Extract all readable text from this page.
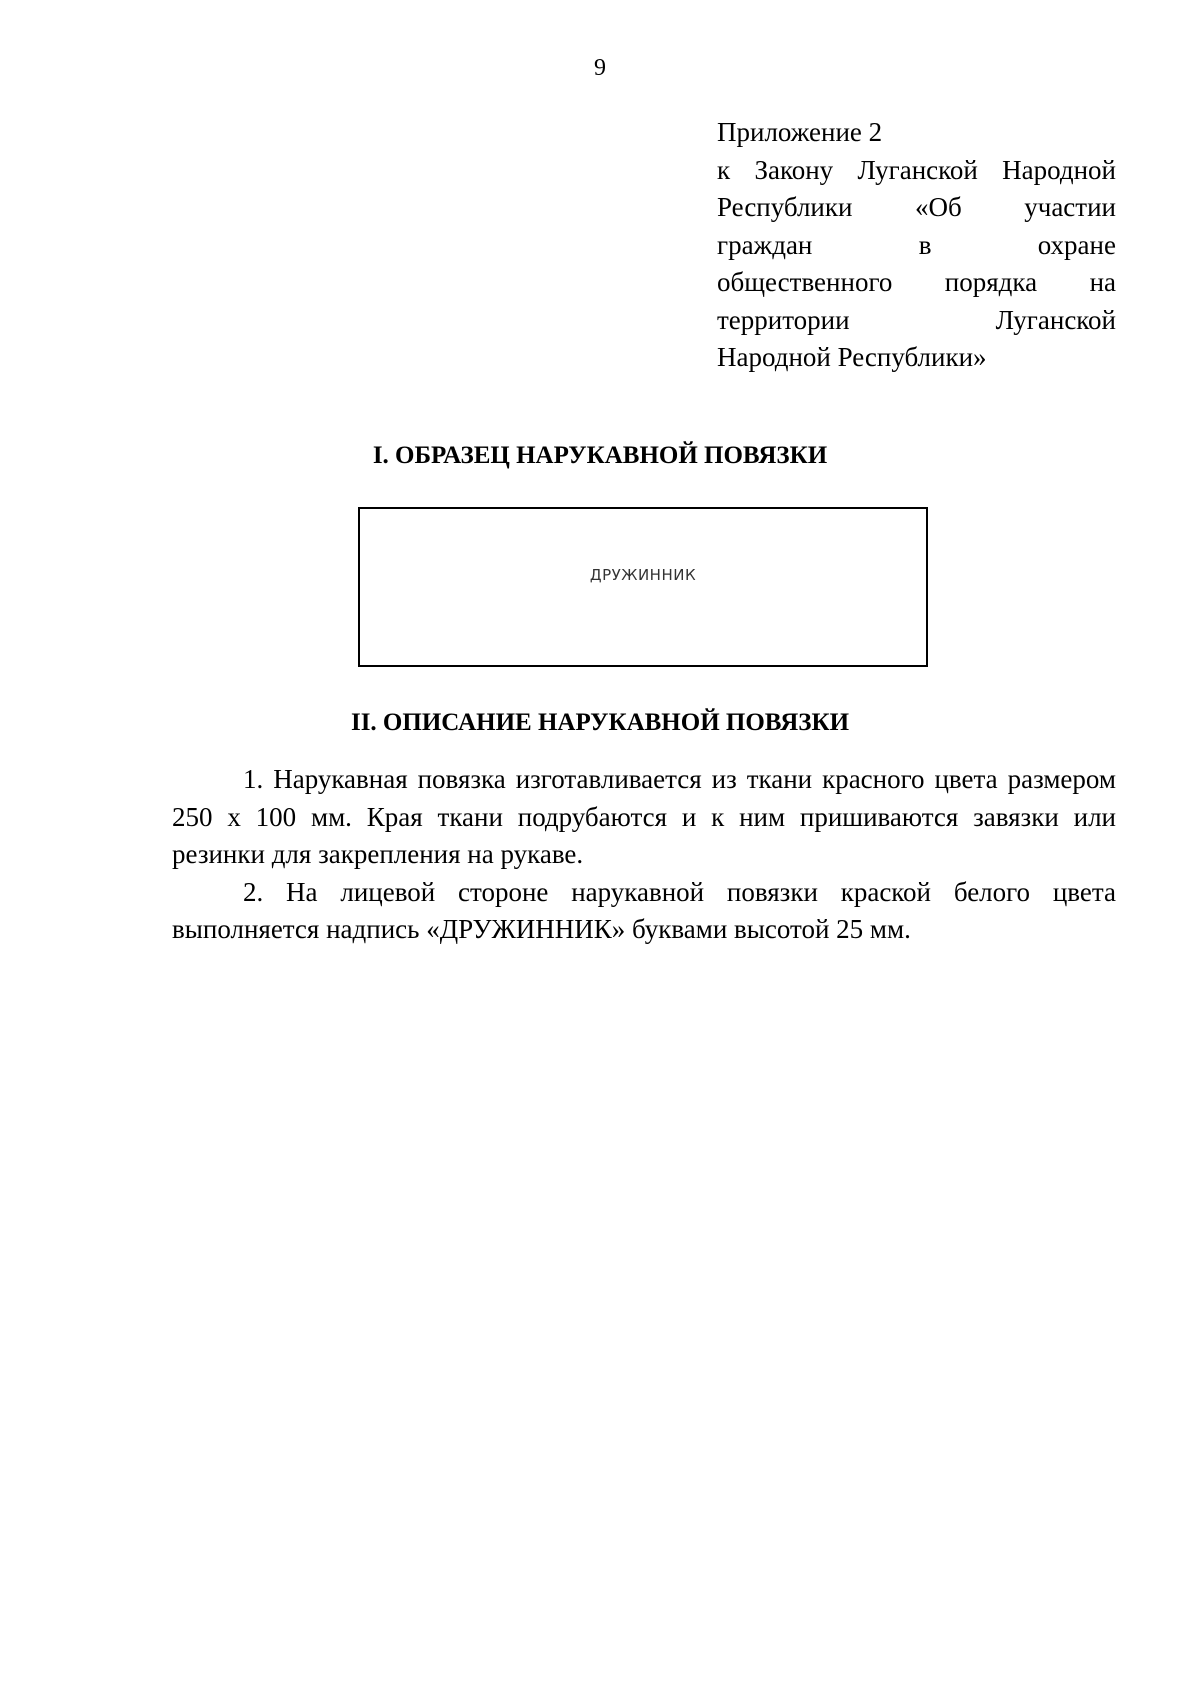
9
Приложение 2
к Закону Луганской Народной
Республики «Об участии
граждан	в	охране
общественного порядка на
территории	Луганской
Народной Республики»
I. ОБРАЗЕЦ НАРУКАВНОЙ ПОВЯЗКИ
ДРУЖИННИК
II. ОПИСАНИЕ НАРУКАВНОЙ ПОВЯЗКИ

1. Нарукавная повязка изготавливается из ткани красного цвета размером 250 х 100 мм. Края ткани подрубаются и к ним пришиваются завязки или резинки для закрепления на рукаве.

2. На лицевой стороне нарукавной повязки краской белого цвета выполняется надпись «ДРУЖИННИК» буквами высотой 25 мм.
